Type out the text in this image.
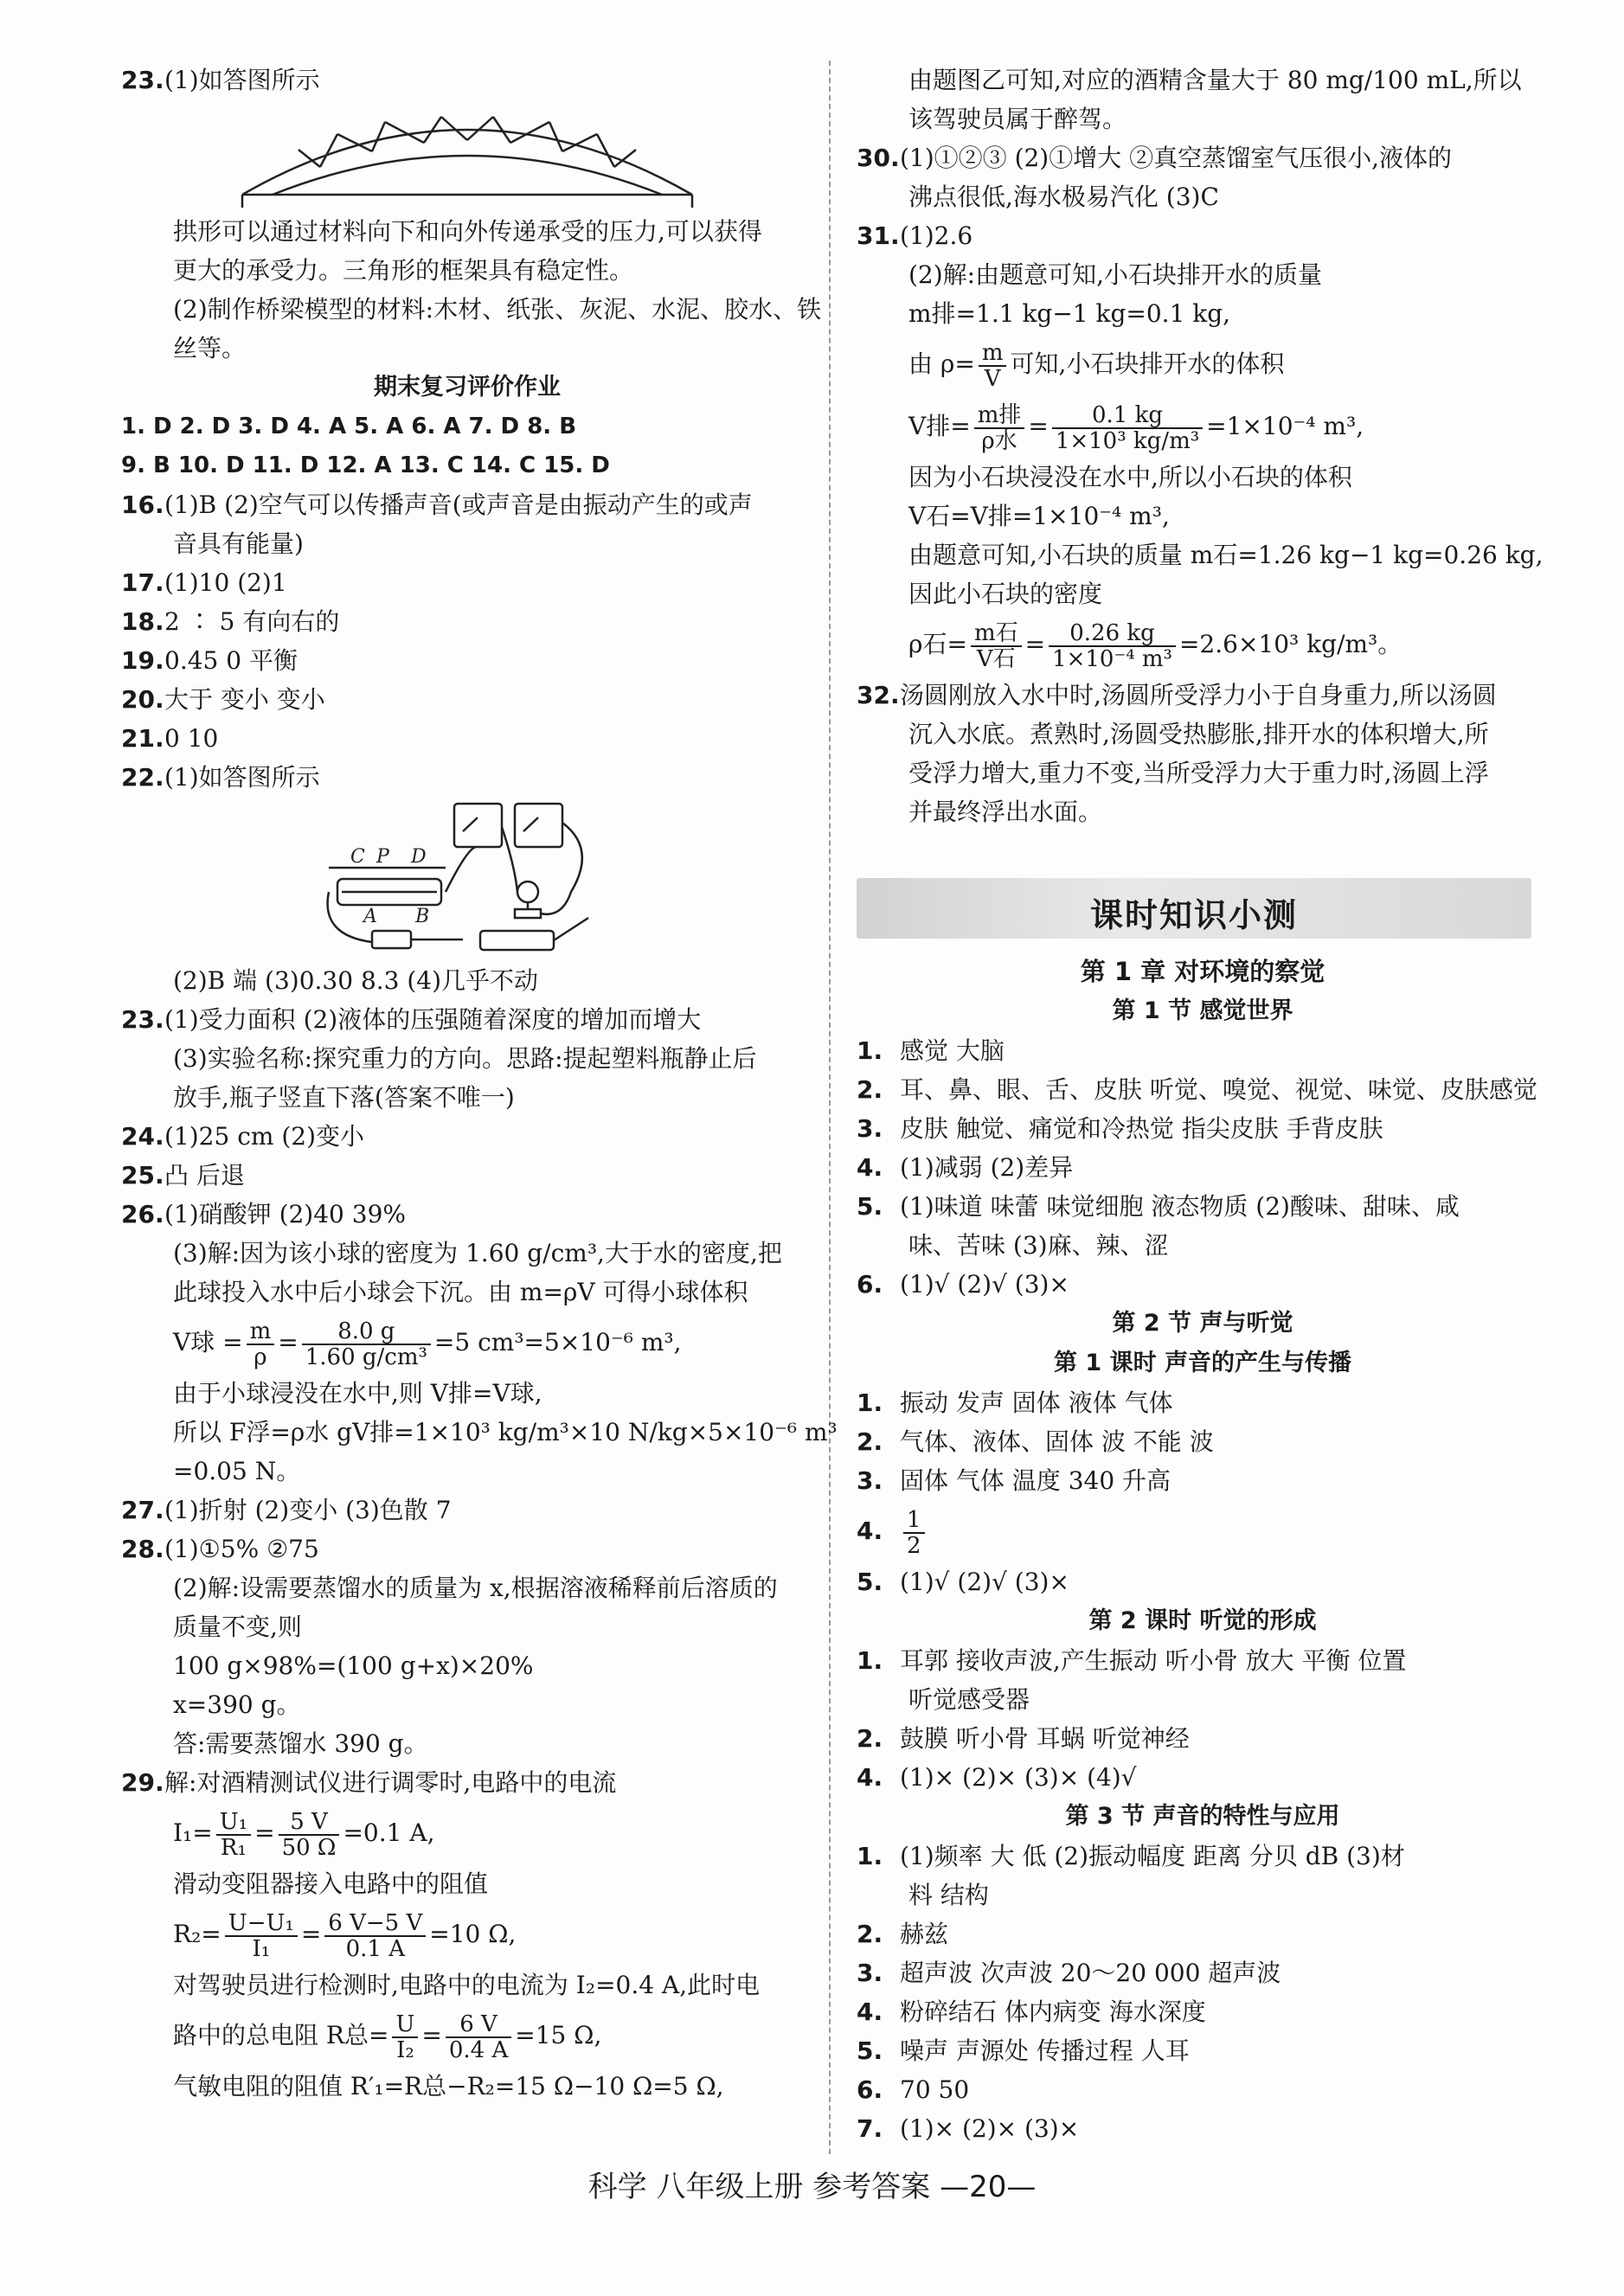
23.(1)如答图所示
拱形可以通过材料向下和向外传递承受的压力,可以获得
更大的承受力。三角形的框架具有稳定性。
(2)制作桥梁模型的材料:木材、纸张、灰泥、水泥、胶水、铁
丝等。
期末复习评价作业
1. D 2. D 3. D 4. A 5. A 6. A 7. D 8. B
9. B 10. D 11. D 12. A 13. C 14. C 15. D
16.(1)B (2)空气可以传播声音(或声音是由振动产生的或声
音具有能量)
17.(1)10 (2)1
18.2 ∶ 5 有向右的
19.0.45 0 平衡
20.大于 变小 变小
21.0 10
22.(1)如答图所示
C P D
A B
(2)B 端 (3)0.30 8.3 (4)几乎不动
23.(1)受力面积 (2)液体的压强随着深度的增加而增大
(3)实验名称:探究重力的方向。思路:提起塑料瓶静止后
放手,瓶子竖直下落(答案不唯一)
24.(1)25 cm (2)变小
25.凸 后退
26.(1)硝酸钾 (2)40 39%
(3)解:因为该小球的密度为 1.60 g/cm³,大于水的密度,把
此球投入水中后小球会下沉。由 m=ρV 可得小球体积
V球 = $\frac{m}{\rho} = \frac{8.0 g}{\text{1.60 g/cm³}} =5$ cm³=5×10⁻⁶ m³,
由于小球浸没在水中,则 V排=V球,
所以 F浮=ρ水 gV排=1×10³ kg/m³×10 N/kg×5×10⁻⁶ m³
=0.05 N。
27.(1)折射 (2)变小 (3)色散 7
28.(1)①5% ②75
(2)解:设需要蒸馏水的质量为 x,根据溶液稀释前后溶质的
质量不变,则
100 g×98%=(100 g+x)×20%
x=390 g。
答:需要蒸馏水 390 g。
29.解:对酒精测试仪进行调零时,电路中的电流
$I_1= \frac{\text{U₁}}{\text{R₁}} = \frac{5 V}{50 \Omega} =0.1$ A,
滑动变阻器接入电路中的阻值
$R_2= \frac{\text{U−U₁}}{\text{I₁}} = \frac{6 V-5 V}{0.1 A} =10$ Ω,
对驾驶员进行检测时,电路中的电流为 I₂=0.4 A,此时电
路中的总电阻 R总= $\frac{U}{\text{I₂}} = \frac{6 V}{0.4 A} =15$ Ω,
气敏电阻的阻值 R′₁=R总−R₂=15 Ω−10 Ω=5 Ω,
由题图乙可知,对应的酒精含量大于 80 mg/100 mL,所以
该驾驶员属于醉驾。
30.(1)①②③ (2)①增大 ②真空蒸馏室气压很小,液体的
沸点很低,海水极易汽化 (3)C
31.(1)2.6
(2)解:由题意可知,小石块排开水的质量
m排=1.1 kg−1 kg=0.1 kg,
由 $\rho= \frac{m}{V}$ 可知,小石块排开水的体积
V排= $\frac{\text{m排}}{\text{ρ水}} = \frac{0.1 kg}{\text{1×10³ kg/m³}} =1\times 10^{-4}$ m³,
因为小石块浸没在水中,所以小石块的体积
V石=V排=1×10⁻⁴ m³,
由题意可知,小石块的质量 m石=1.26 kg−1 kg=0.26 kg,
因此小石块的密度
ρ石= $\frac{\text{m石}}{\text{V石}} = \frac{0.26 kg}{\text{1×10⁻⁴ m³}} =2.6\times 10^3$ kg/m³。
32.汤圆刚放入水中时,汤圆所受浮力小于自身重力,所以汤圆
沉入水底。煮熟时,汤圆受热膨胀,排开水的体积增大,所
受浮力增大,重力不变,当所受浮力大于重力时,汤圆上浮
并最终浮出水面。
课时知识小测
第 1 章 对环境的察觉
第 1 节 感觉世界
1. 感觉 大脑
2. 耳、鼻、眼、舌、皮肤 听觉、嗅觉、视觉、味觉、皮肤感觉
3. 皮肤 触觉、痛觉和冷热觉 指尖皮肤 手背皮肤
4. (1)减弱 (2)差异
5. (1)味道 味蕾 味觉细胞 液态物质 (2)酸味、甜味、咸
味、苦味 (3)麻、辣、涩
6. (1)√ (2)√ (3)×
第 2 节 声与听觉
第 1 课时 声音的产生与传播
1. 振动 发声 固体 液体 气体
2. 气体、液体、固体 波 不能 波
3. 固体 气体 温度 340 升高
4. $\frac{1}{2}$
5. (1)√ (2)√ (3)×
第 2 课时 听觉的形成
1. 耳郭 接收声波,产生振动 听小骨 放大 平衡 位置
听觉感受器
2. 鼓膜 听小骨 耳蜗 听觉神经
4. (1)× (2)× (3)× (4)√
第 3 节 声音的特性与应用
1. (1)频率 大 低 (2)振动幅度 距离 分贝 dB (3)材
料 结构
2. 赫兹
3. 超声波 次声波 20～20 000 超声波
4. 粉碎结石 体内病变 海水深度
5. 噪声 声源处 传播过程 人耳
6. 70 50
7. (1)× (2)× (3)×
科学 八年级上册 参考答案 —20—
